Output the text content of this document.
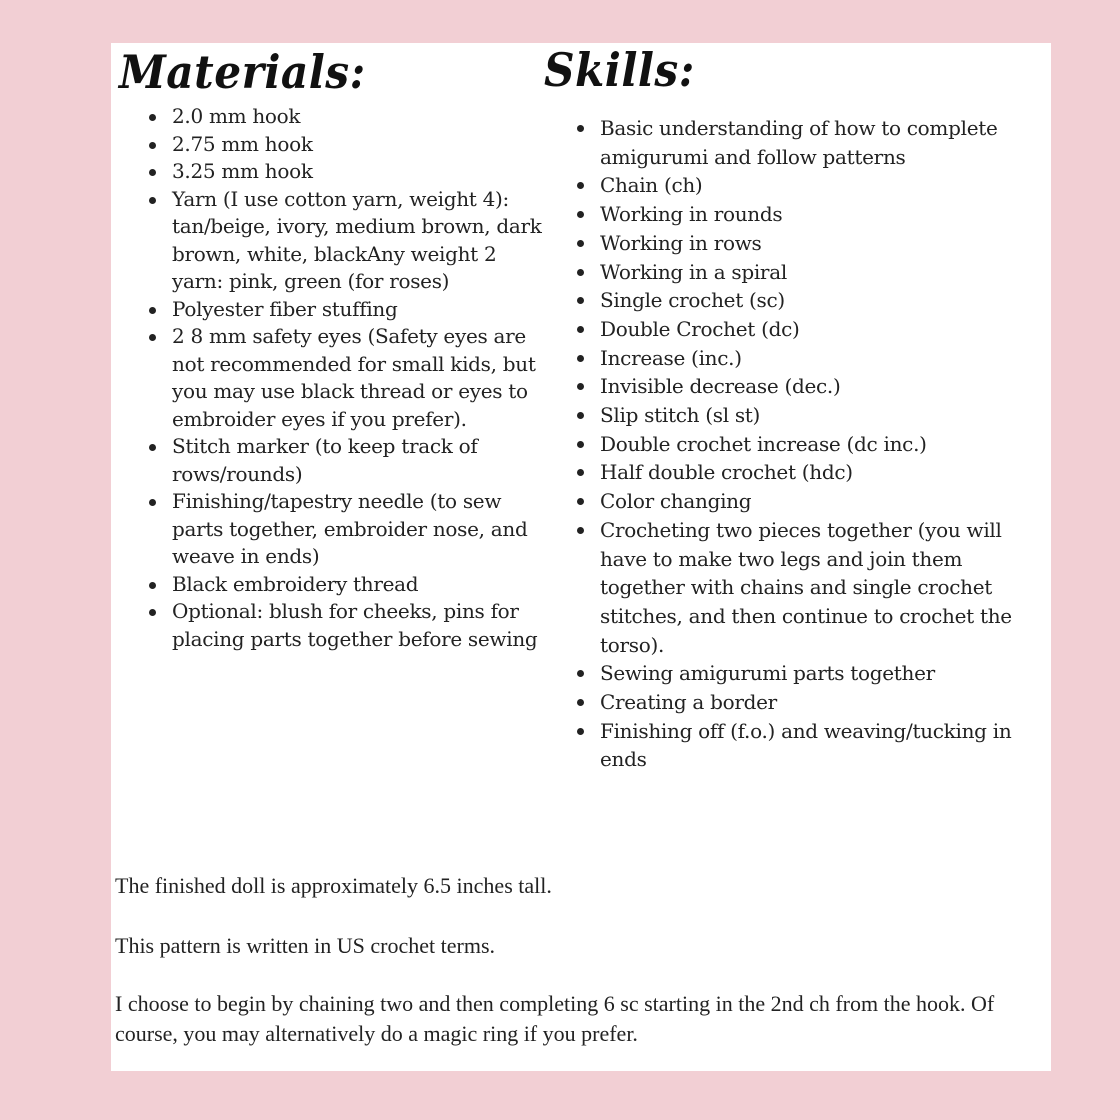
Materials:	Skills:
2.0 mm hook
2.75 mm hook
3.25 mm hook
Yarn (I use cotton yarn, weight 4): tan/beige, ivory, medium brown, dark brown, white, blackAny weight 2 yarn: pink, green (for roses)
Polyester fiber stuffing
2 8 mm safety eyes (Safety eyes are not recommended for small kids, but you may use black thread or eyes to embroider eyes if you prefer).
Stitch marker (to keep track of rows/rounds)
Finishing/tapestry needle (to sew parts together, embroider nose, and weave in ends)
Black embroidery thread
Optional: blush for cheeks, pins for placing parts together before sewing
Basic understanding of how to complete amigurumi and follow patterns
Chain (ch)
Working in rounds
Working in rows
Working in a spiral
Single crochet (sc)
Double Crochet (dc)
Increase (inc.)
Invisible decrease (dec.)
Slip stitch (sl st)
Double crochet increase (dc inc.)
Half double crochet (hdc)
Color changing
Crocheting two pieces together (you will have to make two legs and join them together with chains and single crochet stitches, and then continue to crochet the torso).
Sewing amigurumi parts together
Creating a border
Finishing off (f.o.) and weaving/tucking in ends

The finished doll is approximately 6.5 inches tall.

This pattern is written in US crochet terms.

I choose to begin by chaining two and then completing 6 sc starting in the 2nd ch from the hook. Of course, you may alternatively do a magic ring if you prefer.
